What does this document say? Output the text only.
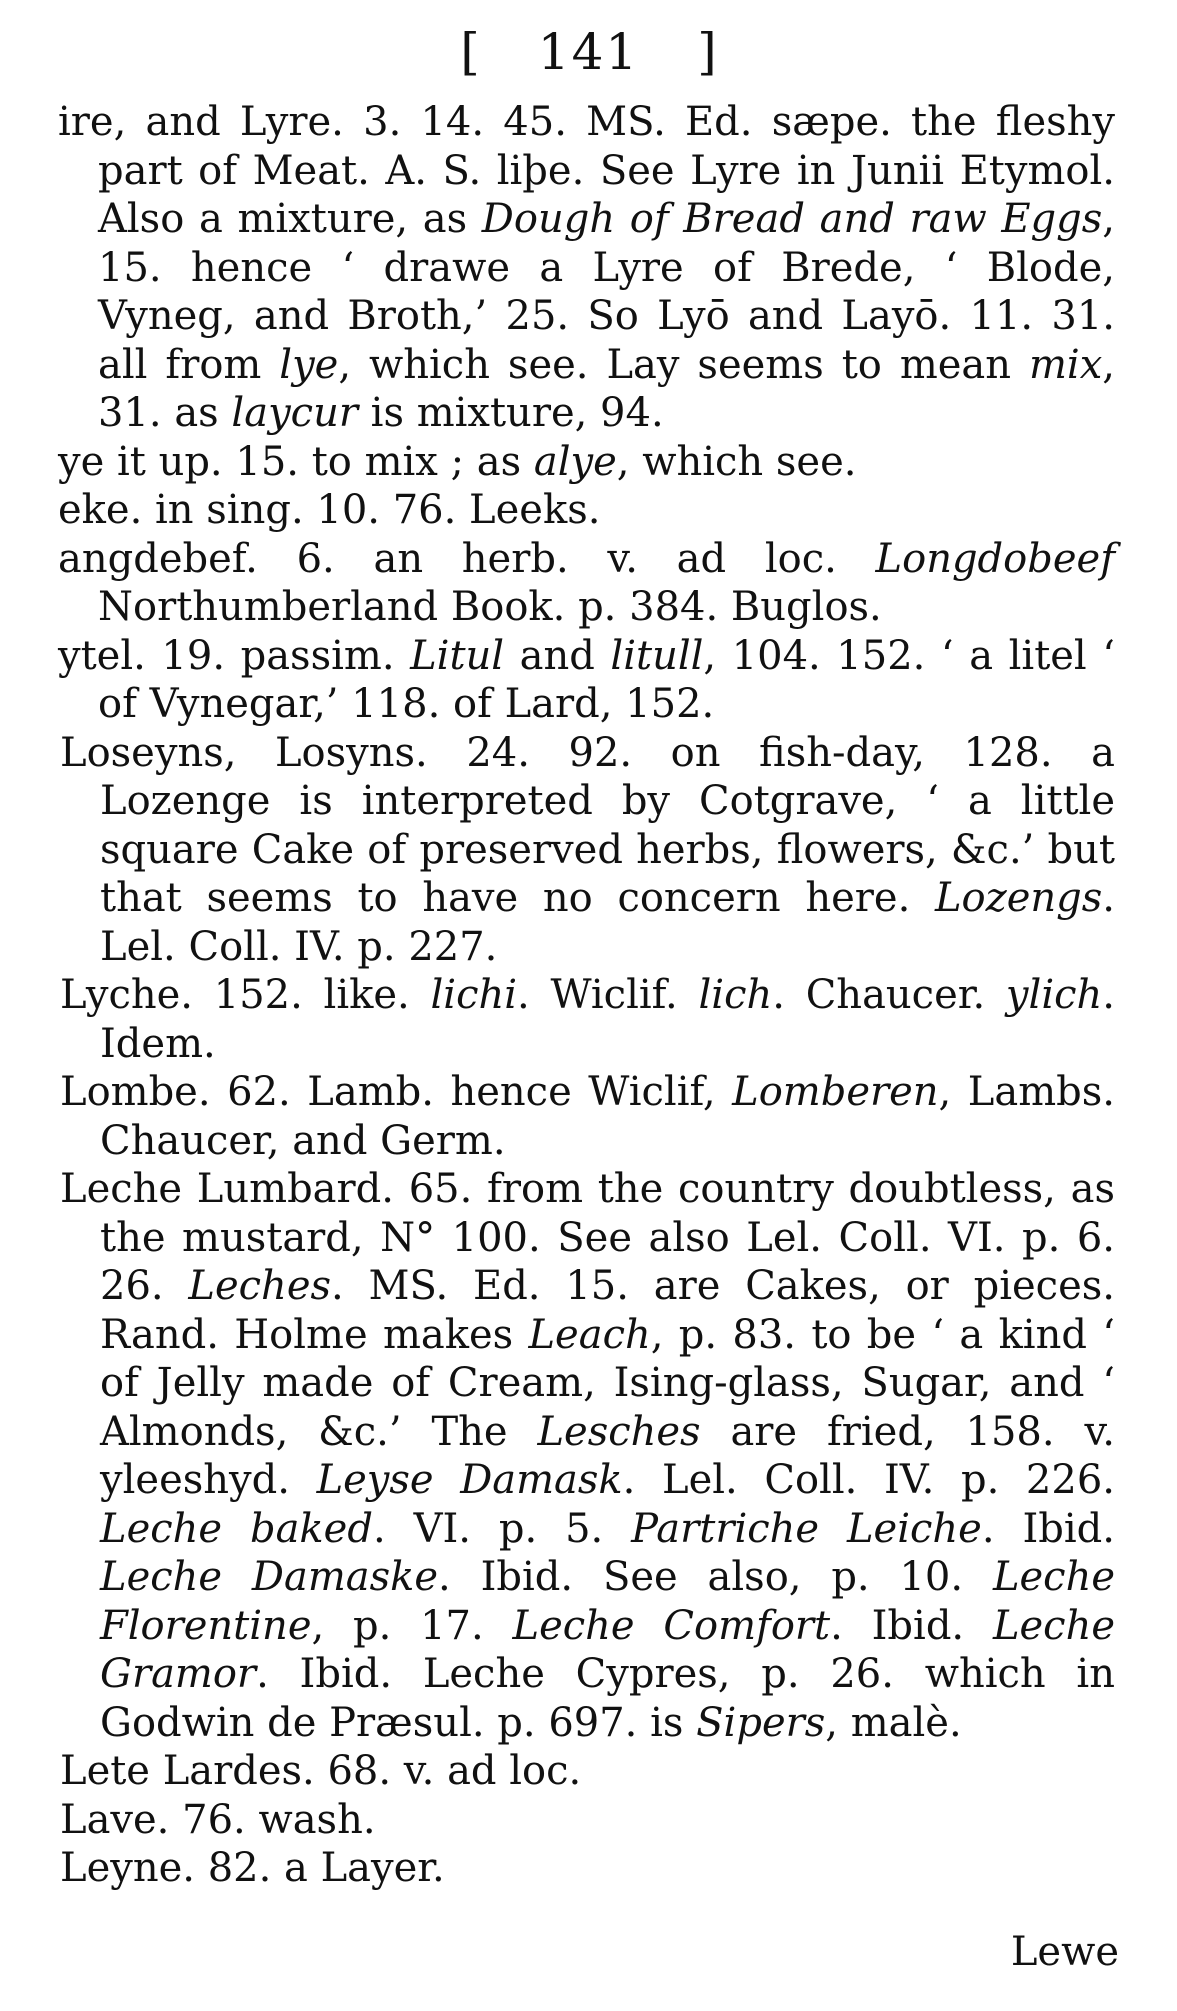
[ 141 ]

ire, and Lyre. 3. 14. 45. MS. Ed. sæpe. the fleshy part of Meat. A. S. liþe. See Lyre in Junii Etymol. Also a mixture, as Dough of Bread and raw Eggs, 15. hence ‘ drawe a Lyre of Brede, ‘ Blode, Vyneg, and Broth,’ 25. So Lyō and Layō. 11. 31. all from lye, which see. Lay seems to mean mix, 31. as laycur is mixture, 94.

ye it up. 15. to mix ; as alye, which see.

eke. in sing. 10. 76. Leeks.

angdebef. 6. an herb. v. ad loc. Longdobeef Northumberland Book. p. 384. Buglos.

ytel. 19. passim. Litul and litull, 104. 152. ‘ a litel ‘ of Vynegar,’ 118. of Lard, 152.

Loseyns, Losyns. 24. 92. on fish-day, 128. a Lozenge is interpreted by Cotgrave, ‘ a little square Cake of preserved herbs, flowers, &c.’ but that seems to have no concern here. Lozengs. Lel. Coll. IV. p. 227.

Lyche. 152. like. lichi. Wiclif. lich. Chaucer. ylich. Idem.

Lombe. 62. Lamb. hence Wiclif, Lomberen, Lambs. Chaucer, and Germ.

Leche Lumbard. 65. from the country doubtless, as the mustard, N° 100. See also Lel. Coll. VI. p. 6. 26. Leches. MS. Ed. 15. are Cakes, or pieces. Rand. Holme makes Leach, p. 83. to be ‘ a kind ‘ of Jelly made of Cream, Ising-glass, Sugar, and ‘ Almonds, &c.’ The Lesches are fried, 158. v. yleeshyd. Leyse Damask. Lel. Coll. IV. p. 226. Leche baked. VI. p. 5. Partriche Leiche. Ibid. Leche Damaske. Ibid. See also, p. 10. Leche Florentine, p. 17. Leche Comfort. Ibid. Leche Gramor. Ibid. Leche Cypres, p. 26. which in Godwin de Præsul. p. 697. is Sipers, malè.

Lete Lardes. 68. v. ad loc.

Lave. 76. wash.

Leyne. 82. a Layer.

Lewe
